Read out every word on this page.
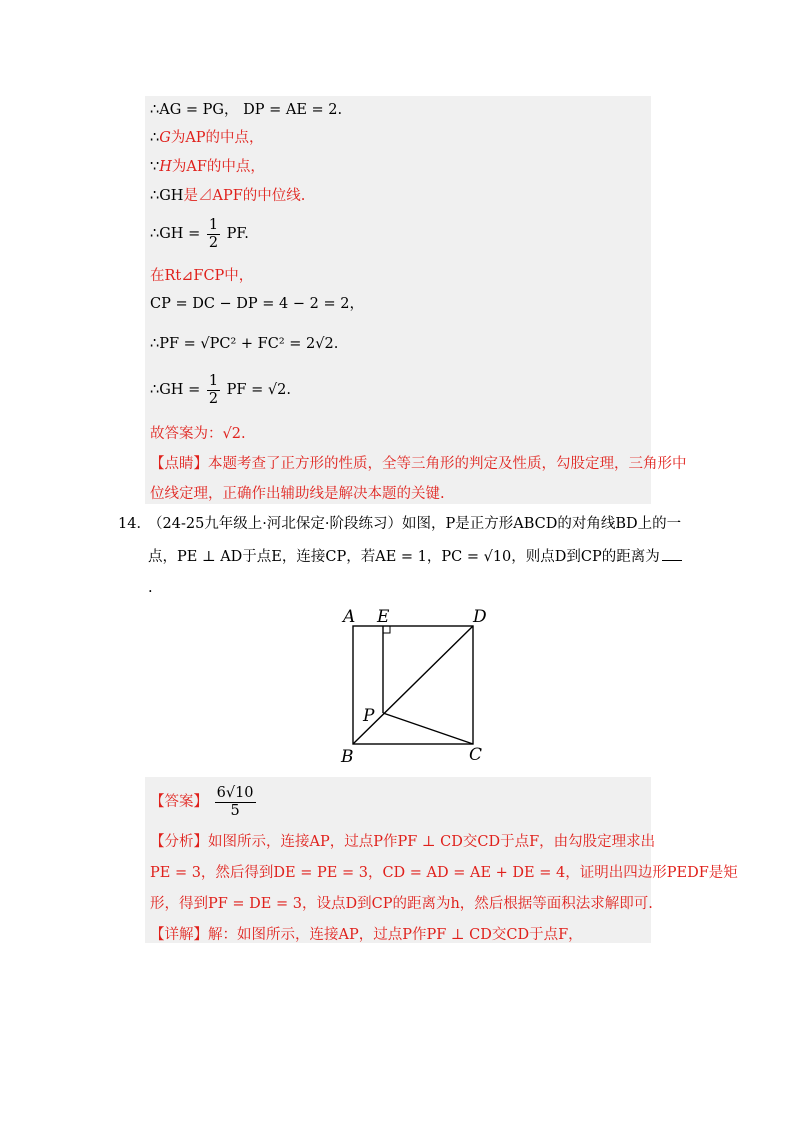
∴AG = PG， DP = AE = 2.
∴G为AP的中点，
∵H为AF的中点，
∴GH是⊿APF的中位线.
∴GH = $\frac{1}{2}$ PF.
在Rt⊿FCP中，
CP = DC − DP = 4 − 2 = 2，
∴PF = √PC² + FC² = 2√2.
∴GH = $\frac{1}{2}$ PF = √2.
故答案为：√2.
【点睛】本题考查了正方形的性质，全等三角形的判定及性质，勾股定理，三角形中
位线定理，正确作出辅助线是解决本题的关键.
14．
（24-25九年级上·河北保定·阶段练习）如图，P是正方形ABCD的对角线BD上的一
点，PE ⊥ AD于点E，连接CP，若AE = 1，PC = √10，则点D到CP的距离为
.
A E	D
P
B	C
【答案】 $\frac{6√10}{5}$
【分析】如图所示，连接AP，过点P作PF ⊥ CD交CD于点F，由勾股定理求出
PE = 3，然后得到DE = PE = 3，CD = AD = AE + DE = 4，证明出四边形PEDF是矩
形，得到PF = DE = 3，设点D到CP的距离为h，然后根据等面积法求解即可.
【详解】解：如图所示，连接AP，过点P作PF ⊥ CD交CD于点F，
